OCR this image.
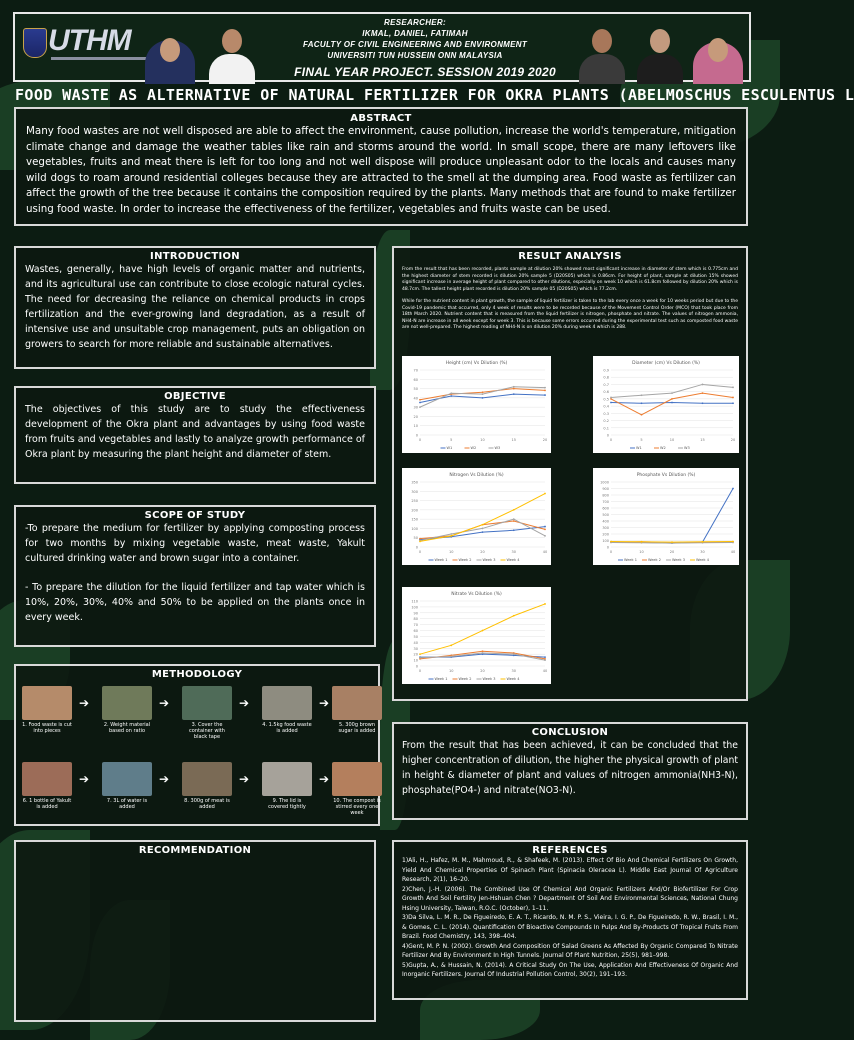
UTHM
RESEARCHER:
IKMAL, DANIEL, FATIMAH
FACULTY OF CIVIL ENGINEERING AND ENVIRONMENT
UNIVERSITI TUN HUSSEIN ONN MALAYSIA
FINAL YEAR PROJECT. SESSION 2019 2020
FOOD WASTE AS ALTERNATIVE OF NATURAL FERTILIZER FOR OKRA PLANTS (ABELMOSCHUS ESCULENTUS L
ABSTRACT

Many food wastes are not well disposed are able to affect the environment, cause pollution, increase the world's temperature, mitigation climate change and damage the weather tables like rain and storms around the world. In small scope, there are many leftovers like vegetables, fruits and meat there is left for too long and not well dispose will produce unpleasant odor to the locals and causes many wild dogs to roam around residential colleges because they are attracted to the smell at the dumping area. Food waste as fertilizer can affect the growth of the tree because it contains the composition required by the plants. Many methods that are found to make fertilizer using food waste. In order to increase the effectiveness of the fertilizer, vegetables and fruits waste can be used.

INTRODUCTION

Wastes, generally, have high levels of organic matter and nutrients, and its agricultural use can contribute to close ecologic natural cycles. The need for decreasing the reliance on chemical products in crops fertilization and the ever-growing land degradation, as a result of intensive use and unsuitable crop management, puts an obligation on growers to search for more reliable and sustainable alternatives.

OBJECTIVE

The objectives of this study are to study the effectiveness development of the Okra plant and advantages by using food waste from fruits and vegetables and lastly to analyze growth performance of Okra plant by measuring the plant height and diameter of stem.

SCOPE OF STUDY

-To prepare the medium for fertilizer by applying composting process for two months by mixing vegetable waste, meat waste, Yakult cultured drinking water and brown sugar into a container.

- To prepare the dilution for the liquid fertilizer and tap water which is 10%, 20%, 30%, 40% and 50% to be applied on the plants once in every week.

METHODOLOGY
1. Food waste is cut into pieces
➔
2. Weight material based on ratio
➔
3. Cover the container with black tape
➔
4. 1.5kg food waste is added
➔
5. 300g brown sugar is added
6. 1 bottle of Yakult is added
➔
7. 3L of water is added
➔
8. 300g of meat is added
➔
9. The lid is covered tightly
➔
10. The compost is stirred every one week
RECOMMENDATION
RESULT ANALYSIS

From the result that has been recorded, plants sample at dilution 20% showed most significant increase in diameter of stem which is 0.775cm and the highest diameter of stem recorded is dilution 20% sample 5 (D20S05) which is 0.86cm. For height of plant, sample at dilution 15% showed significant increase in average height of plant compared to other dilutions, especially on week 10 which is 61.8cm followed by dilution 20% which is 48.7cm. The tallest height plant recorded is dilution 20% sample 05 (D20S05) which is 77.2cm.

While for the nutrient content in plant growth, the sample of liquid fertilizer is taken to the lab every once a week for 10 weeks period but due to the Covid-19 pandemic that occurred, only 4 week of results were to be recorded because of the Movement Control Order (MCO) that took place from 18th March 2020. Nutrient content that is measured from the liquid fertilizer is nitrogen, phosphate and nitrate. The values of nitrogen ammonia, NH4-N are increase in all week except for week 3. This is because some errors occurred during the experimental test such as composted food waste are not well-prepared. The highest reading of NH4-N is on dilution 20% during week 4 which is 288.

Height (cm) Vs Dilution (%)
0
10
20
30
40
50
60
70
0	5	10	15	20
W1	W2	W3
Diameter (cm) Vs Dilution (%)
0
0.1
0.2
0.3
0.4
0.5
0.6
0.7
0.8
0.9
0	5	10	15	20
W1	W2	W3
Nitrogen Vs Dilution (%)
0
50
100
150
200
250
300
350
0	10	20	30	40
Week 1	Week 2	Week 3	Week 4
Phosphate Vs Dilution (%)
0
100
200
300
400
500
600
700
800
900
1000
0	10	20	30	40
Week 1	Week 2	Week 3	Week 4
Nitrate Vs Dilution (%)
0
10
20
30
40
50
60
70
80
90
100
110
0	10	20	30	40
Week 1	Week 2	Week 3	Week 4
CONCLUSION

From the result that has been achieved, it can be concluded that the higher concentration of dilution, the higher the physical growth of plant in height & diameter of plant and values of nitrogen ammonia(NH3-N), phosphate(PO4-) and nitrate(NO3-N).

REFERENCES

1)Ali, H., Hafez, M. M., Mahmoud, R., & Shafeek, M. (2013). Effect Of Bio And Chemical Fertilizers On Growth, Yield And Chemical Properties Of Spinach Plant (Spinacia Oleracea L). Middle East Journal Of Agriculture Research, 2(1), 16–20.

2)Chen, J.-H. (2006). The Combined Use Of Chemical And Organic Fertilizers And/Or Biofertilizer For Crop Growth And Soil Fertility Jen-Hshuan Chen ? Department Of Soil And Environmental Sciences, National Chung Hsing University, Taiwan, R.O.C. (October), 1–11.

3)Da Silva, L. M. R., De Figueiredo, E. A. T., Ricardo, N. M. P. S., Vieira, I. G. P., De Figueiredo, R. W., Brasil, I. M., & Gomes, C. L. (2014). Quantification Of Bioactive Compounds In Pulps And By-Products Of Tropical Fruits From Brazil. Food Chemistry, 143, 398–404.

4)Gent, M. P. N. (2002). Growth And Composition Of Salad Greens As Affected By Organic Compared To Nitrate Fertilizer And By Environment In High Tunnels. Journal Of Plant Nutrition, 25(5), 981–998.

5)Gupta, A., & Hussain, N. (2014). A Critical Study On The Use, Application And Effectiveness Of Organic And Inorganic Fertilizers. Journal Of Industrial Pollution Control, 30(2), 191–193.
